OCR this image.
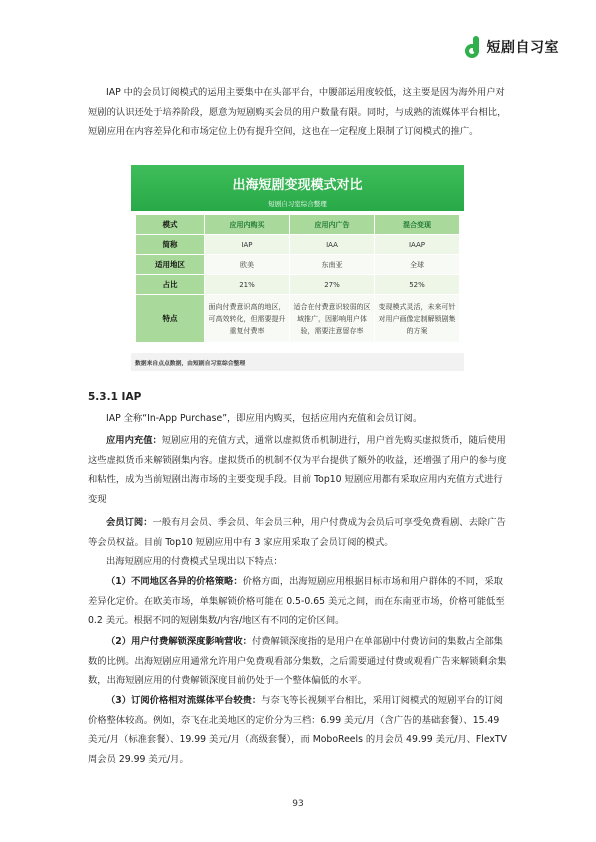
短剧自习室

IAP 中的会员订阅模式的运用主要集中在头部平台，中腰部运用度较低，这主要是因为海外用户对短剧的认识还处于培养阶段，愿意为短剧购买会员的用户数量有限。同时，与成熟的流媒体平台相比，短剧应用在内容差异化和市场定位上仍有提升空间，这也在一定程度上限制了订阅模式的推广。

出海短剧变现模式对比
短剧自习室综合整理
模式	应用内购买	应用内广告	混合变现
简称	IAP	IAA	IAAP
适用地区	欧美	东南亚	全球
占比	21%	27%	52%
特点	面向付费意识高的地区，可高效转化，但需要提升重复付费率	适合在付费意识较弱的区域推广，因影响用户体验，需要注意留存率	变现模式灵活，未来可针对用户画像定制解锁剧集的方案
数据来自点点数据，由短剧自习室综合整理
5.3.1 IAP

IAP 全称“In-App Purchase”，即应用内购买，包括应用内充值和会员订阅。

应用内充值：短剧应用的充值方式，通常以虚拟货币机制进行，用户首先购买虚拟货币，随后使用这些虚拟货币来解锁剧集内容。虚拟货币的机制不仅为平台提供了额外的收益，还增强了用户的参与度和粘性，成为当前短剧出海市场的主要变现手段。目前 Top10 短剧应用都有采取应用内充值方式进行变现

会员订阅：一般有月会员、季会员、年会员三种，用户付费成为会员后可享受免费看剧、去除广告等会员权益。目前 Top10 短剧应用中有 3 家应用采取了会员订阅的模式。

出海短剧应用的付费模式呈现出以下特点：

（1）不同地区各异的价格策略：价格方面，出海短剧应用根据目标市场和用户群体的不同，采取差异化定价。在欧美市场，单集解锁价格可能在 0.5-0.65 美元之间，而在东南亚市场，价格可能低至 0.2 美元。根据不同的短剧集数/内容/地区有不同的定价区间。

（2）用户付费解锁深度影响营收：付费解锁深度指的是用户在单部剧中付费访问的集数占全部集数的比例。出海短剧应用通常允许用户免费观看部分集数，之后需要通过付费或观看广告来解锁剩余集数，出海短剧应用的付费解锁深度目前仍处于一个整体偏低的水平。

（3）订阅价格相对流媒体平台较贵：与奈飞等长视频平台相比，采用订阅模式的短剧平台的订阅价格整体较高。例如，奈飞在北美地区的定价分为三档：6.99 美元/月（含广告的基础套餐）、15.49 美元/月（标准套餐）、19.99 美元/月（高级套餐），而 MoboReels 的月会员 49.99 美元/月、FlexTV 周会员 29.99 美元/月。

93
